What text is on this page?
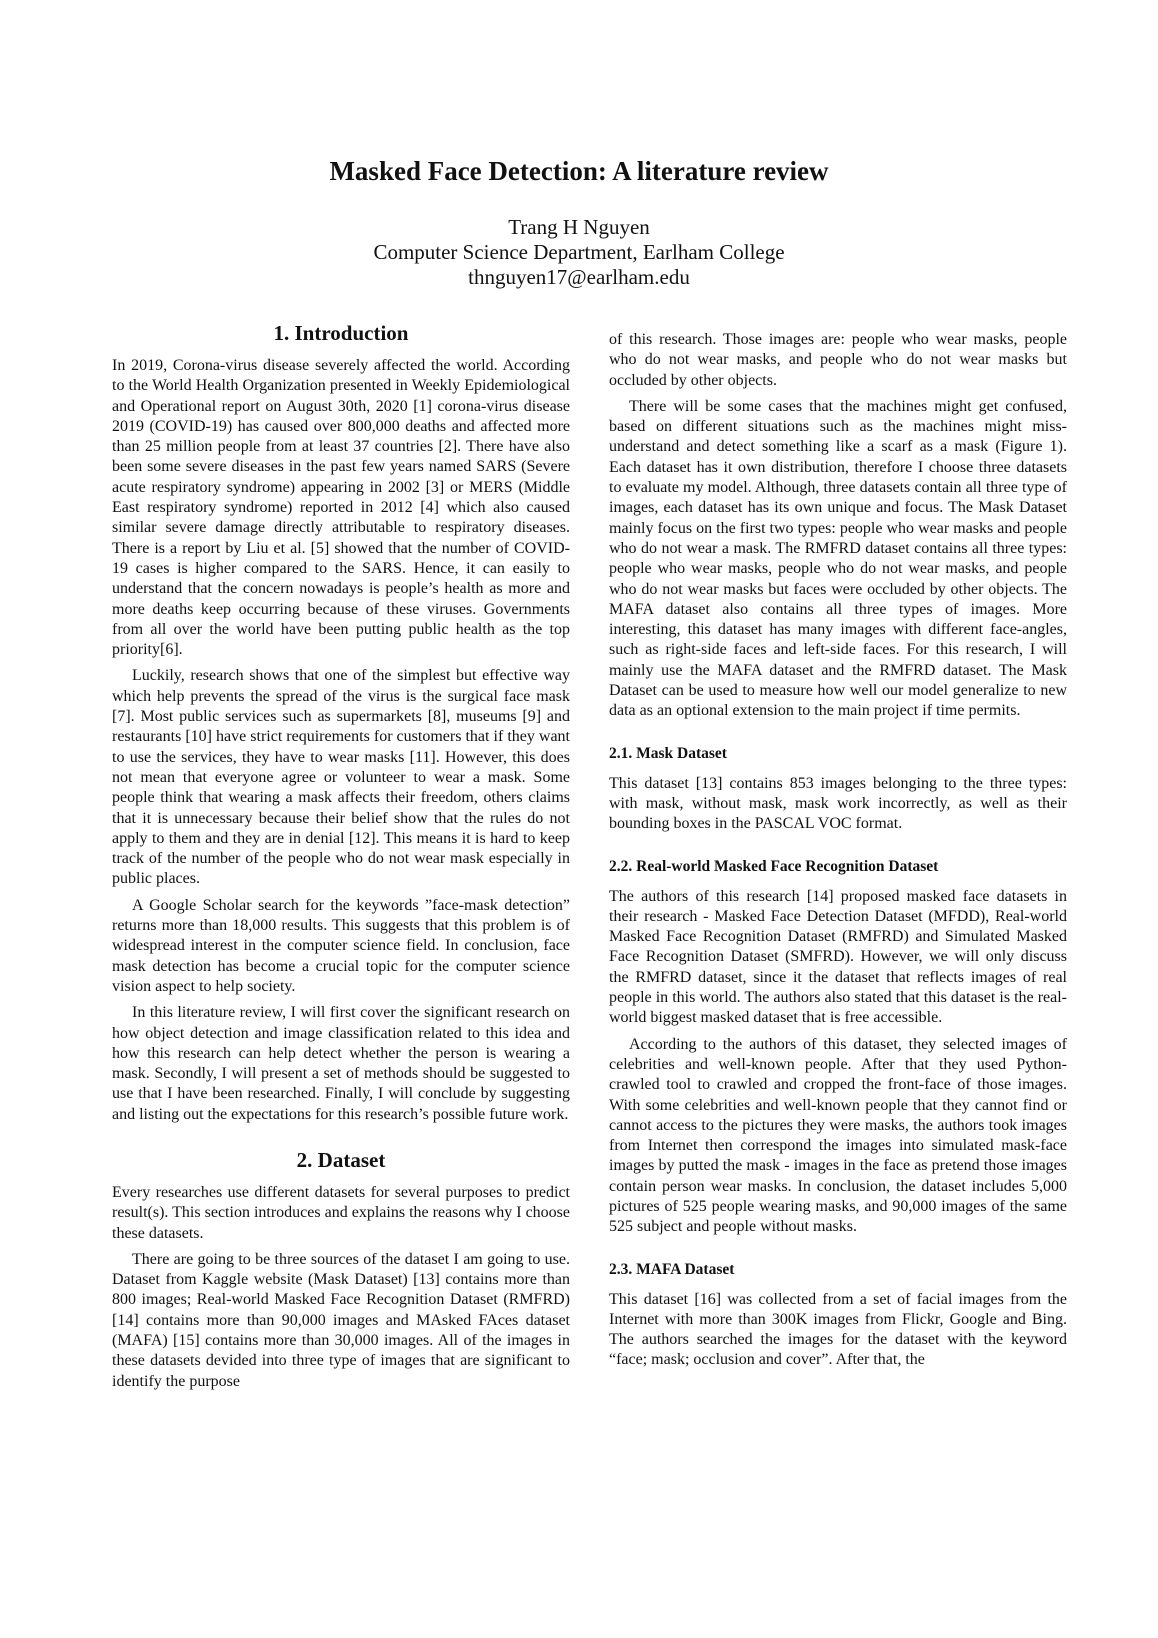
Masked Face Detection: A literature review
Trang H Nguyen
Computer Science Department, Earlham College
thnguyen17@earlham.edu
1. Introduction

In 2019, Corona-virus disease severely affected the world. According to the World Health Organization presented in Weekly Epidemiological and Operational report on August 30th, 2020 [1] corona-virus disease 2019 (COVID-19) has caused over 800,000 deaths and affected more than 25 million people from at least 37 countries [2]. There have also been some severe diseases in the past few years named SARS (Severe acute respiratory syndrome) appearing in 2002 [3] or MERS (Middle East respiratory syndrome) reported in 2012 [4] which also caused similar severe damage directly attributable to respiratory diseases. There is a report by Liu et al. [5] showed that the number of COVID-19 cases is higher compared to the SARS. Hence, it can easily to understand that the concern nowadays is people’s health as more and more deaths keep occurring because of these viruses. Governments from all over the world have been putting public health as the top priority[6].

Luckily, research shows that one of the simplest but effective way which help prevents the spread of the virus is the surgical face mask [7]. Most public services such as supermarkets [8], museums [9] and restaurants [10] have strict requirements for customers that if they want to use the services, they have to wear masks [11]. However, this does not mean that everyone agree or volunteer to wear a mask. Some people think that wearing a mask affects their freedom, others claims that it is unnecessary because their belief show that the rules do not apply to them and they are in denial [12]. This means it is hard to keep track of the number of the people who do not wear mask especially in public places.

A Google Scholar search for the keywords ”face-mask detection” returns more than 18,000 results. This suggests that this problem is of widespread interest in the computer science field. In conclusion, face mask detection has become a crucial topic for the computer science vision aspect to help society.

In this literature review, I will first cover the significant research on how object detection and image classification related to this idea and how this research can help detect whether the person is wearing a mask. Secondly, I will present a set of methods should be suggested to use that I have been researched. Finally, I will conclude by suggesting and listing out the expectations for this research’s possible future work.

2. Dataset

Every researches use different datasets for several purposes to predict result(s). This section introduces and explains the reasons why I choose these datasets.

There are going to be three sources of the dataset I am going to use. Dataset from Kaggle website (Mask Dataset) [13] contains more than 800 images; Real-world Masked Face Recognition Dataset (RMFRD) [14] contains more than 90,000 images and MAsked FAces dataset (MAFA) [15] contains more than 30,000 images. All of the images in these datasets devided into three type of images that are significant to identify the purpose

of this research. Those images are: people who wear masks, people who do not wear masks, and people who do not wear masks but occluded by other objects.

There will be some cases that the machines might get confused, based on different situations such as the machines might miss-understand and detect something like a scarf as a mask (Figure 1). Each dataset has it own distribution, therefore I choose three datasets to evaluate my model. Although, three datasets contain all three type of images, each dataset has its own unique and focus. The Mask Dataset mainly focus on the first two types: people who wear masks and people who do not wear a mask. The RMFRD dataset contains all three types: people who wear masks, people who do not wear masks, and people who do not wear masks but faces were occluded by other objects. The MAFA dataset also contains all three types of images. More interesting, this dataset has many images with different face-angles, such as right-side faces and left-side faces. For this research, I will mainly use the MAFA dataset and the RMFRD dataset. The Mask Dataset can be used to measure how well our model generalize to new data as an optional extension to the main project if time permits.

2.1. Mask Dataset

This dataset [13] contains 853 images belonging to the three types: with mask, without mask, mask work incorrectly, as well as their bounding boxes in the PASCAL VOC format.

2.2. Real-world Masked Face Recognition Dataset

The authors of this research [14] proposed masked face datasets in their research - Masked Face Detection Dataset (MFDD), Real-world Masked Face Recognition Dataset (RMFRD) and Simulated Masked Face Recognition Dataset (SMFRD). However, we will only discuss the RMFRD dataset, since it the dataset that reflects images of real people in this world. The authors also stated that this dataset is the real-world biggest masked dataset that is free accessible.

According to the authors of this dataset, they selected images of celebrities and well-known people. After that they used Python-crawled tool to crawled and cropped the front-face of those images. With some celebrities and well-known people that they cannot find or cannot access to the pictures they were masks, the authors took images from Internet then correspond the images into simulated mask-face images by putted the mask - images in the face as pretend those images contain person wear masks. In conclusion, the dataset includes 5,000 pictures of 525 people wearing masks, and 90,000 images of the same 525 subject and people without masks.

2.3. MAFA Dataset

This dataset [16] was collected from a set of facial images from the Internet with more than 300K images from Flickr, Google and Bing. The authors searched the images for the dataset with the keyword “face; mask; occlusion and cover”. After that, the
